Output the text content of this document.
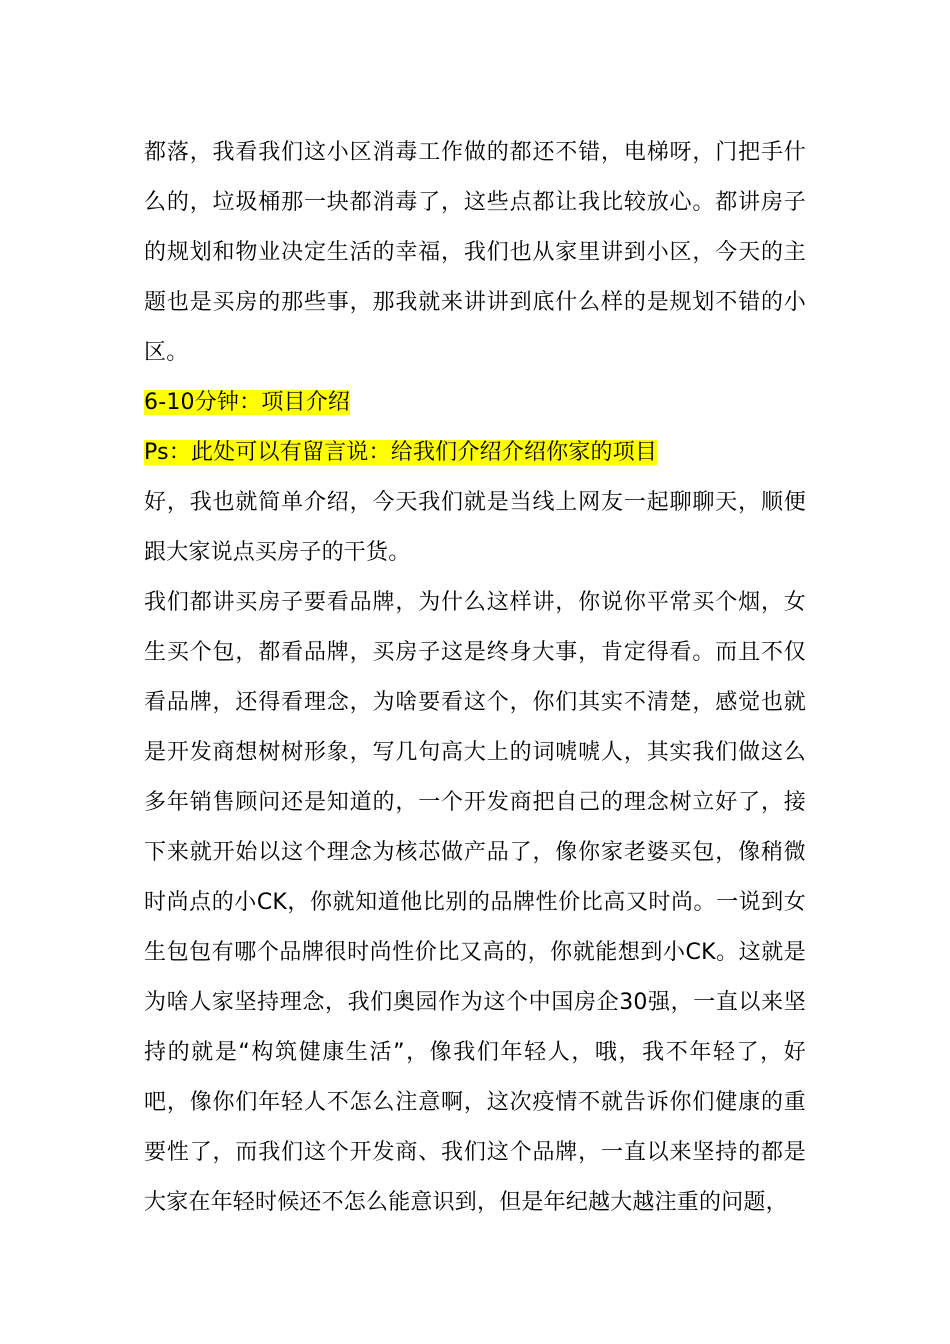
都落，我看我们这小区消毒工作做的都还不错，电梯呀，门把手什么的，垃圾桶那一块都消毒了，这些点都让我比较放心。都讲房子的规划和物业决定生活的幸福，我们也从家里讲到小区，今天的主题也是买房的那些事，那我就来讲讲到底什么样的是规划不错的小区。

6-10分钟：项目介绍

Ps：此处可以有留言说：给我们介绍介绍你家的项目

好，我也就简单介绍，今天我们就是当线上网友一起聊聊天，顺便跟大家说点买房子的干货。

我们都讲买房子要看品牌，为什么这样讲，你说你平常买个烟，女生买个包，都看品牌，买房子这是终身大事，肯定得看。而且不仅看品牌，还得看理念，为啥要看这个，你们其实不清楚，感觉也就是开发商想树树形象，写几句高大上的词唬唬人，其实我们做这么多年销售顾问还是知道的，一个开发商把自己的理念树立好了，接下来就开始以这个理念为核芯做产品了，像你家老婆买包，像稍微时尚点的小CK，你就知道他比别的品牌性价比高又时尚。一说到女生包包有哪个品牌很时尚性价比又高的，你就能想到小CK。这就是为啥人家坚持理念，我们奥园作为这个中国房企30强，一直以来坚持的就是“构筑健康生活”，像我们年轻人，哦，我不年轻了，好吧，像你们年轻人不怎么注意啊，这次疫情不就告诉你们健康的重要性了，而我们这个开发商、我们这个品牌，一直以来坚持的都是大家在年轻时候还不怎么能意识到，但是年纪越大越注重的问题，
